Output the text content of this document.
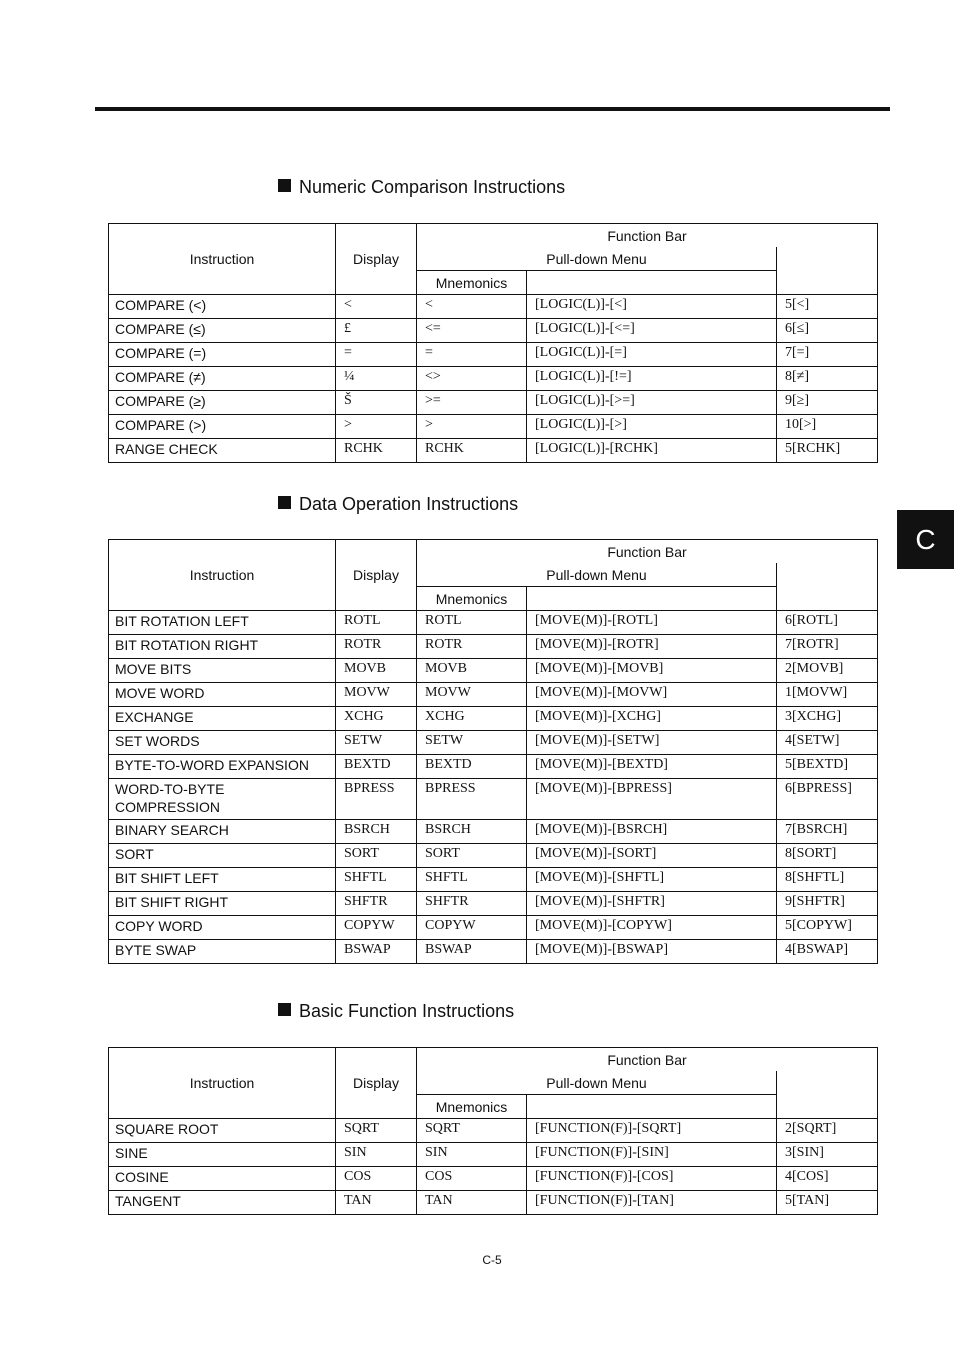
C
Numeric Comparison Instructions
Instruction	Display	Function Bar		
		Pull-down Menu		
		Mnemonics		
COMPARE (<)	<	<	[LOGIC(L)]-[<]	5[<]
COMPARE (≤)	£	<=	[LOGIC(L)]-[<=]	6[≤]
COMPARE (=)	=	=	[LOGIC(L)]-[=]	7[=]
COMPARE (≠)	¼	<>	[LOGIC(L)]-[!=]	8[≠]
COMPARE (≥)	Š	>=	[LOGIC(L)]-[>=]	9[≥]
COMPARE (>)	>	>	[LOGIC(L)]-[>]	10[>]
RANGE CHECK	RCHK	RCHK	[LOGIC(L)]-[RCHK]	5[RCHK]
Data Operation Instructions
Instruction	Display	Function Bar		
		Pull-down Menu		
		Mnemonics		
BIT ROTATION LEFT	ROTL	ROTL	[MOVE(M)]-[ROTL]	6[ROTL]
BIT ROTATION RIGHT	ROTR	ROTR	[MOVE(M)]-[ROTR]	7[ROTR]
MOVE BITS	MOVB	MOVB	[MOVE(M)]-[MOVB]	2[MOVB]
MOVE WORD	MOVW	MOVW	[MOVE(M)]-[MOVW]	1[MOVW]
EXCHANGE	XCHG	XCHG	[MOVE(M)]-[XCHG]	3[XCHG]
SET WORDS	SETW	SETW	[MOVE(M)]-[SETW]	4[SETW]
BYTE-TO-WORD EXPANSION	BEXTD	BEXTD	[MOVE(M)]-[BEXTD]	5[BEXTD]
WORD-TO-BYTE COMPRESSION	BPRESS	BPRESS	[MOVE(M)]-[BPRESS]	6[BPRESS]
BINARY SEARCH	BSRCH	BSRCH	[MOVE(M)]-[BSRCH]	7[BSRCH]
SORT	SORT	SORT	[MOVE(M)]-[SORT]	8[SORT]
BIT SHIFT LEFT	SHFTL	SHFTL	[MOVE(M)]-[SHFTL]	8[SHFTL]
BIT SHIFT RIGHT	SHFTR	SHFTR	[MOVE(M)]-[SHFTR]	9[SHFTR]
COPY WORD	COPYW	COPYW	[MOVE(M)]-[COPYW]	5[COPYW]
BYTE SWAP	BSWAP	BSWAP	[MOVE(M)]-[BSWAP]	4[BSWAP]
Basic Function Instructions
Instruction	Display	Function Bar		
		Pull-down Menu		
		Mnemonics		
SQUARE ROOT	SQRT	SQRT	[FUNCTION(F)]-[SQRT]	2[SQRT]
SINE	SIN	SIN	[FUNCTION(F)]-[SIN]	3[SIN]
COSINE	COS	COS	[FUNCTION(F)]-[COS]	4[COS]
TANGENT	TAN	TAN	[FUNCTION(F)]-[TAN]	5[TAN]
C-5
